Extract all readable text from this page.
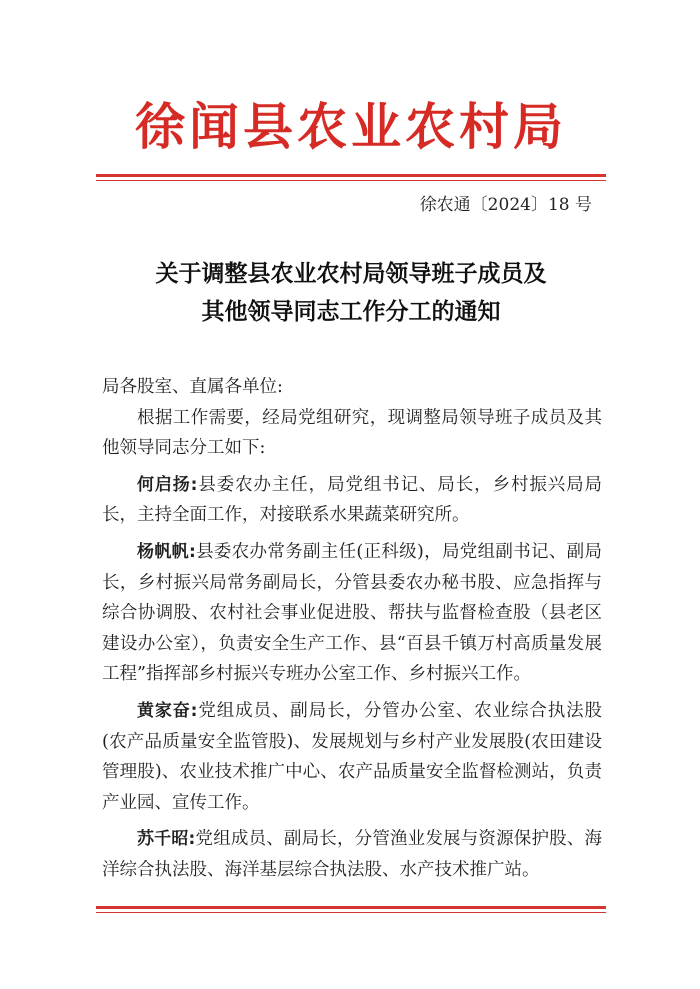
徐闻县农业农村局
徐农通〔2024〕18 号
关于调整县农业农村局领导班子成员及
其他领导同志工作分工的通知

局各股室、直属各单位:

根据工作需要，经局党组研究，现调整局领导班子成员及其他领导同志分工如下:

何启扬:县委农办主任，局党组书记、局长，乡村振兴局局长，主持全面工作，对接联系水果蔬菜研究所。

杨帆帆:县委农办常务副主任(正科级)，局党组副书记、副局长，乡村振兴局常务副局长，分管县委农办秘书股、应急指挥与综合协调股、农村社会事业促进股、帮扶与监督检查股（县老区建设办公室），负责安全生产工作、县“百县千镇万村高质量发展工程”指挥部乡村振兴专班办公室工作、乡村振兴工作。

黄家奋:党组成员、副局长，分管办公室、农业综合执法股(农产品质量安全监管股)、发展规划与乡村产业发展股(农田建设管理股)、农业技术推广中心、农产品质量安全监督检测站，负责产业园、宣传工作。

苏千昭:党组成员、副局长，分管渔业发展与资源保护股、海洋综合执法股、海洋基层综合执法股、水产技术推广站。
